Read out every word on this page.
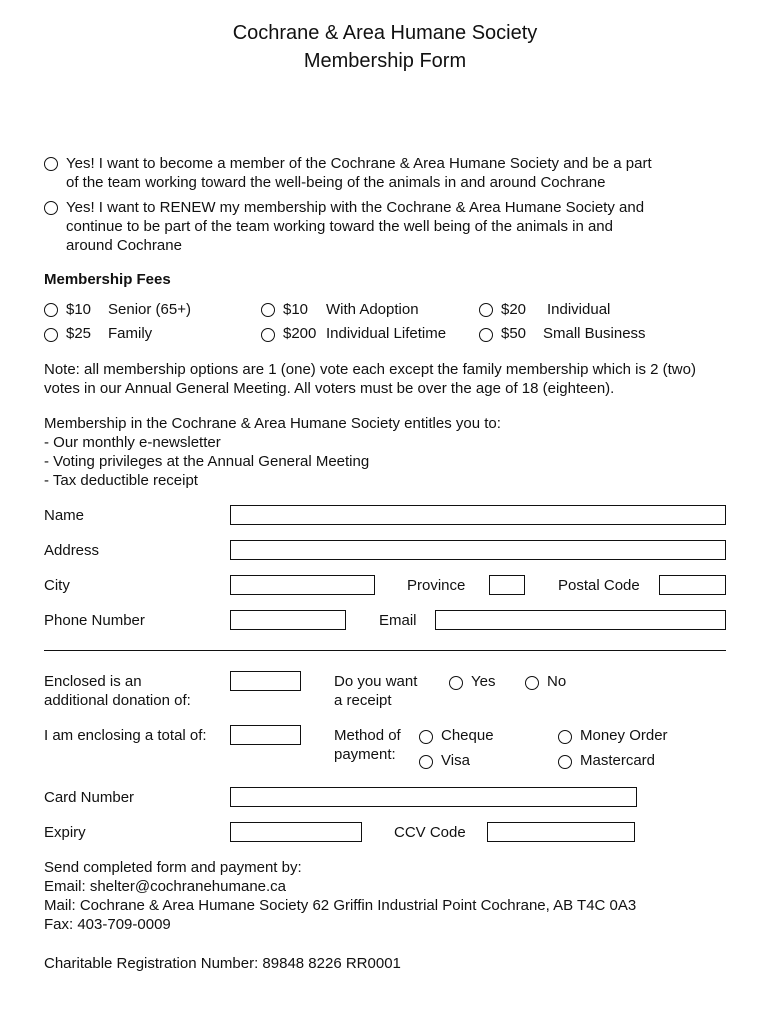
Cochrane & Area Humane Society
Membership Form
Yes! I want to become a member of the Cochrane & Area Humane Society and be a part
of the team working toward the well-being of the animals in and around Cochrane
Yes! I want to RENEW my membership with the Cochrane & Area Humane Society and
continue to be part of the team working toward the well being of the animals in and
around Cochrane
Membership Fees
$10 Senior (65+)	$10 With Adoption	$20 Individual
$25 Family	$200 Individual Lifetime	$50 Small Business
Note: all membership options are 1 (one) vote each except the family membership which is 2 (two)
votes in our Annual General Meeting. All voters must be over the age of 18 (eighteen).
Membership in the Cochrane & Area Humane Society entitles you to:
- Our monthly e-newsletter
- Voting privileges at the Annual General Meeting
- Tax deductible receipt
Name
Address
City	Province	Postal Code
Phone Number	Email
Enclosed is an
additional donation of:
Do you want
a receipt
Yes	No
I am enclosing a total of:	Method of
payment:
Cheque	Money Order
Visa	Mastercard
Card Number
Expiry	CCV Code
Send completed form and payment by:
Email: shelter@cochranehumane.ca
Mail: Cochrane & Area Humane Society 62 Griffin Industrial Point Cochrane, AB T4C 0A3
Fax: 403-709-0009
Charitable Registration Number: 89848 8226 RR0001
